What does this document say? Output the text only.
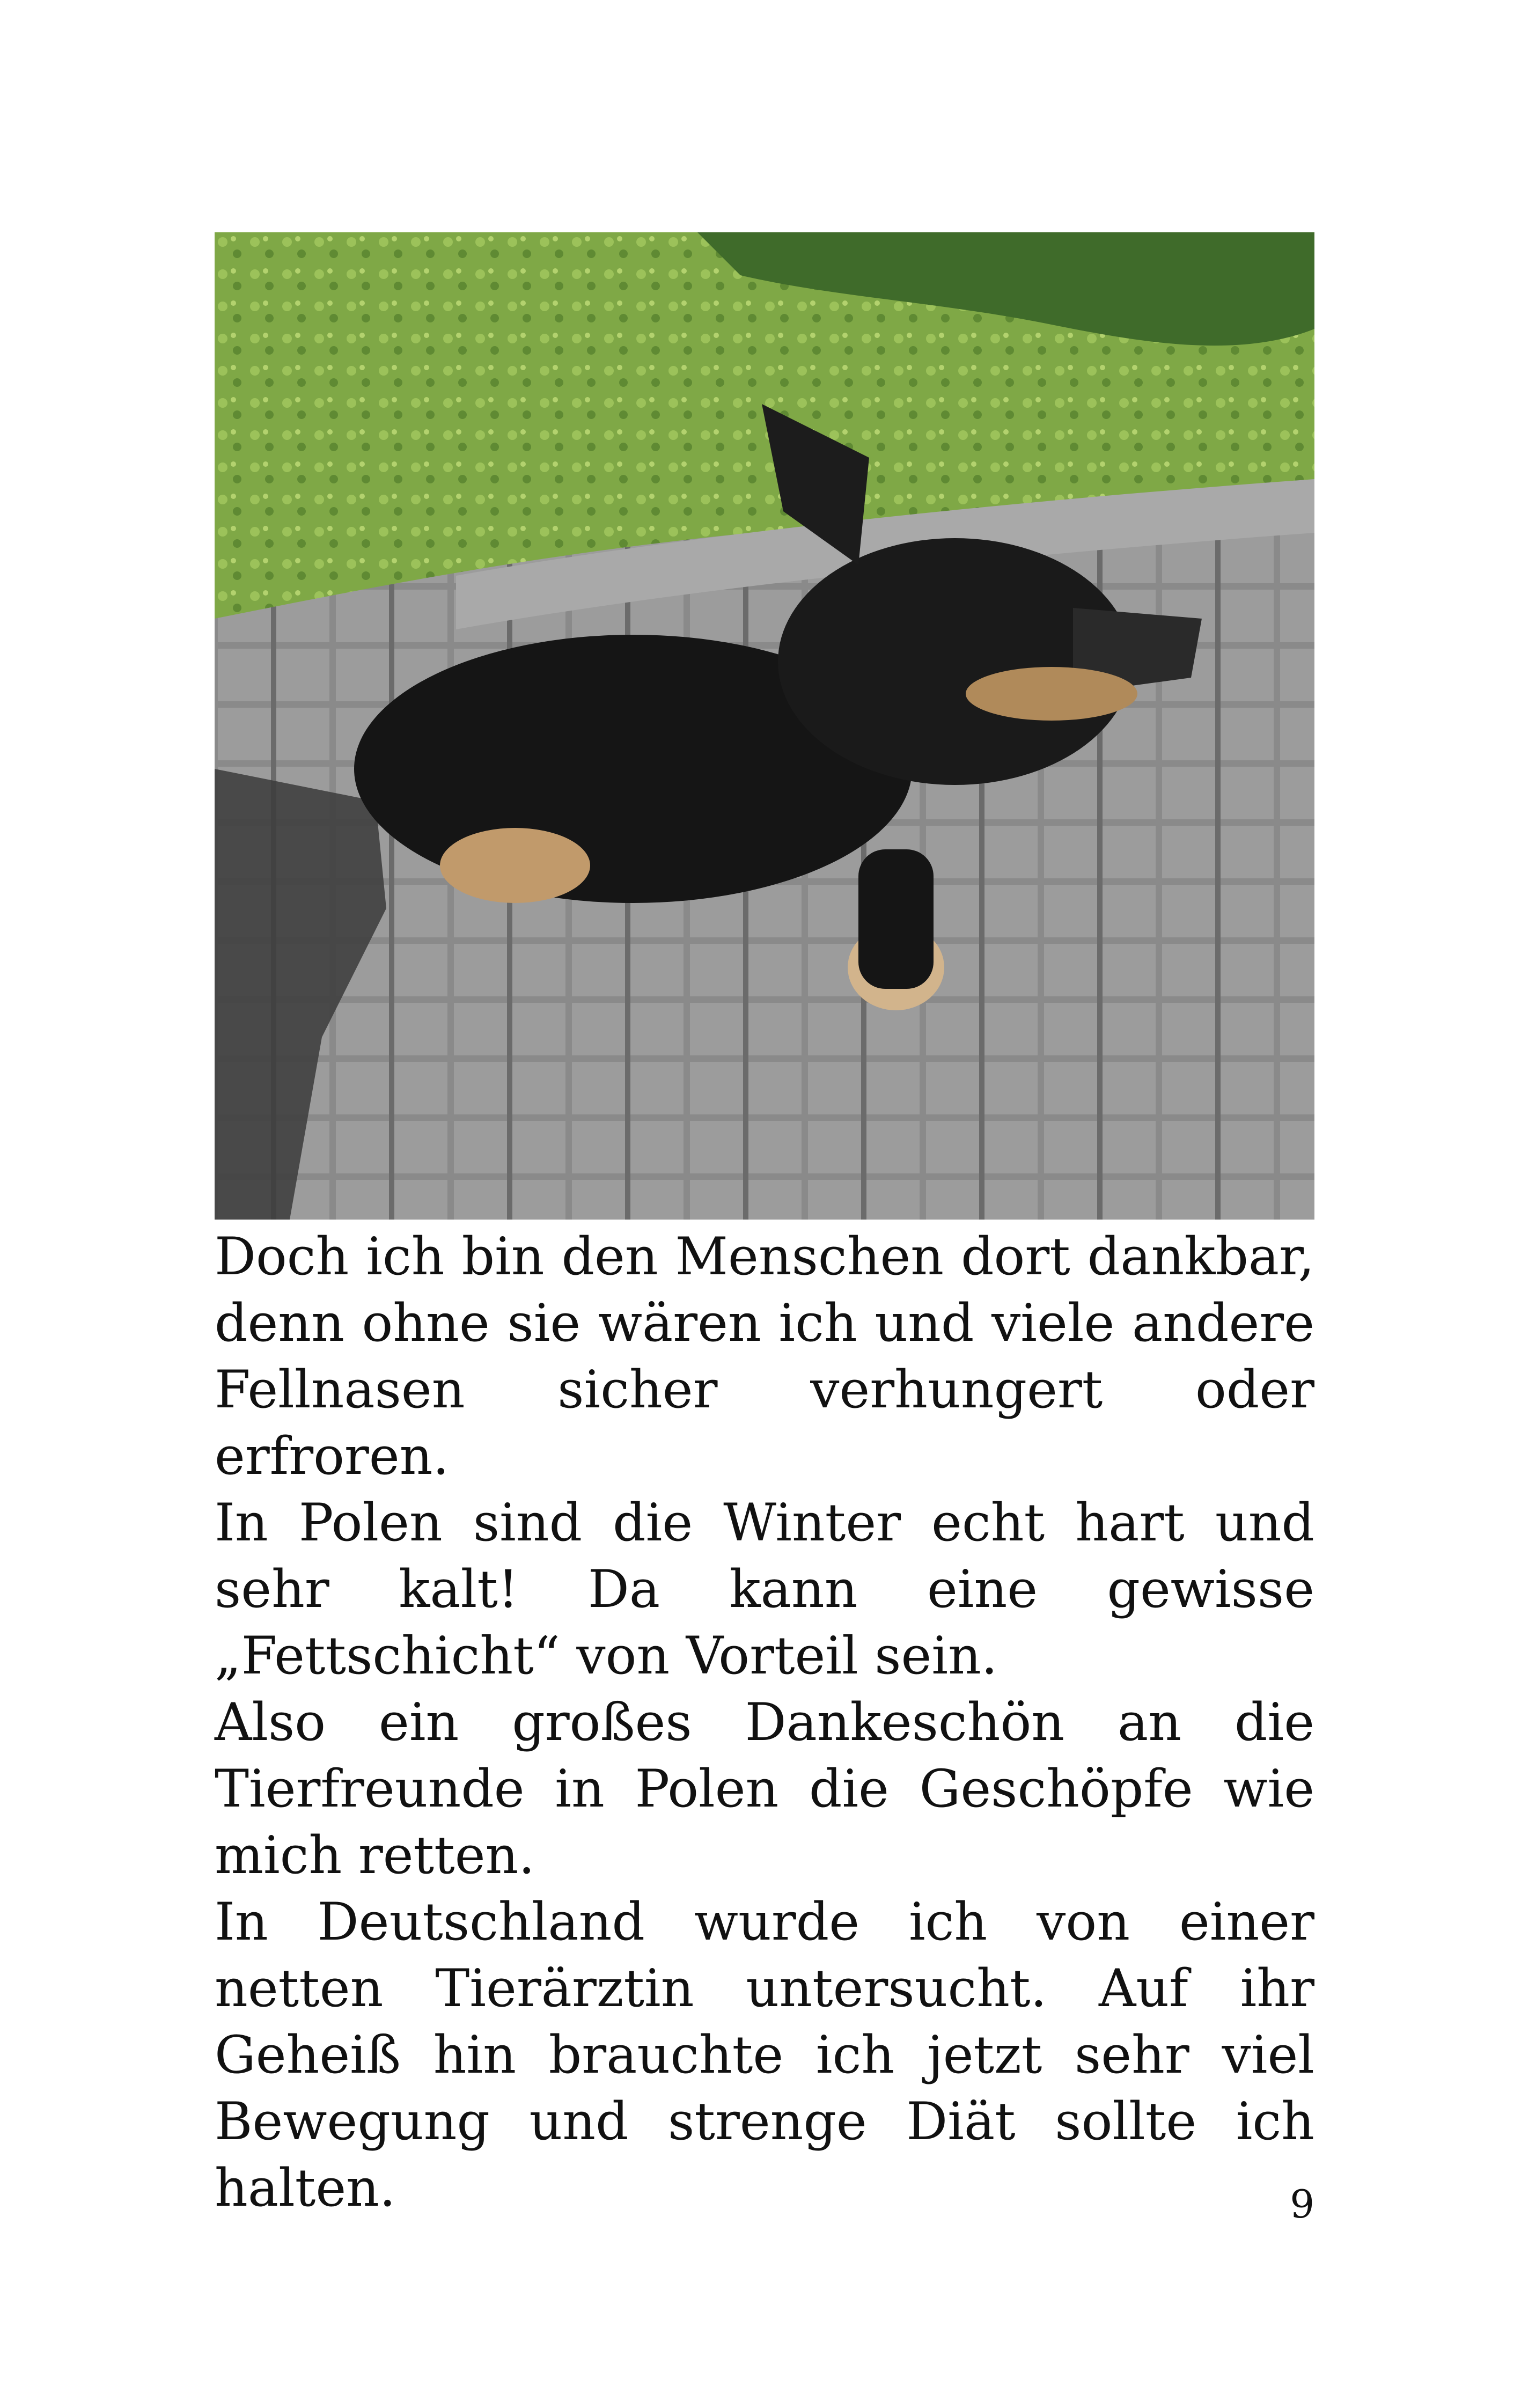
Doch ich bin den Menschen dort dankbar, denn ohne sie wären ich und viele andere Fellnasen sicher verhungert oder erfroren.

In Polen sind die Winter echt hart und sehr kalt! Da kann eine gewisse „Fettschicht“ von Vorteil sein.

Also ein großes Dankeschön an die Tierfreunde in Polen die Geschöpfe wie mich retten.

In Deutschland wurde ich von einer netten Tierärztin untersucht. Auf ihr Geheiß hin brauchte ich jetzt sehr viel Bewegung und strenge Diät sollte ich halten.	9
